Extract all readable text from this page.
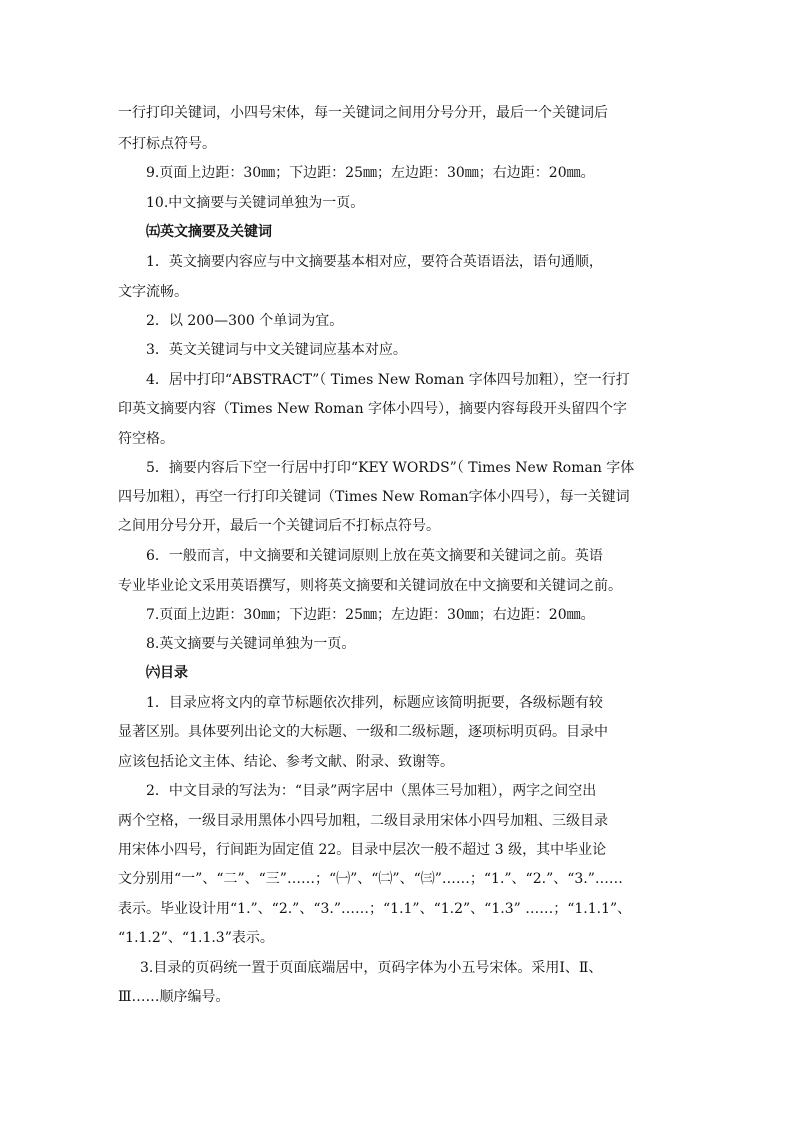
一行打印关键词，小四号宋体，每一关键词之间用分号分开，最后一个关键词后
不打标点符号。
9.页面上边距：30㎜；下边距：25㎜；左边距：30㎜；右边距：20㎜。
10.中文摘要与关键词单独为一页。
㈤英文摘要及关键词
1．英文摘要内容应与中文摘要基本相对应，要符合英语语法，语句通顺，
文字流畅。
2．以 200—300 个单词为宜。
3．英文关键词与中文关键词应基本对应。
4．居中打印“ABSTRACT”（ Times New Roman 字体四号加粗），空一行打
印英文摘要内容（Times New Roman 字体小四号），摘要内容每段开头留四个字
符空格。
5．摘要内容后下空一行居中打印“KEY WORDS”（ Times New Roman 字体
四号加粗），再空一行打印关键词（Times New Roman字体小四号），每一关键词
之间用分号分开，最后一个关键词后不打标点符号。
6．一般而言，中文摘要和关键词原则上放在英文摘要和关键词之前。英语
专业毕业论文采用英语撰写，则将英文摘要和关键词放在中文摘要和关键词之前。
7.页面上边距：30㎜；下边距：25㎜；左边距：30㎜；右边距：20㎜。
8.英文摘要与关键词单独为一页。
㈥目录
1．目录应将文内的章节标题依次排列，标题应该简明扼要，各级标题有较
显著区别。具体要列出论文的大标题、一级和二级标题，逐项标明页码。目录中
应该包括论文主体、结论、参考文献、附录、致谢等。
2．中文目录的写法为：“目录”两字居中（黑体三号加粗），两字之间空出
两个空格，一级目录用黑体小四号加粗，二级目录用宋体小四号加粗、三级目录
用宋体小四号，行间距为固定值 22。目录中层次一般不超过 3 级，其中毕业论
文分别用“一”、“二”、“三”……；“㈠”、“㈡”、“㈢”……；“1.”、“2.”、“3.”……
表示。毕业设计用“1.”、“2.”、“3.”……；“1.1”、“1.2”、“1.3” ……；“1.1.1”、
“1.1.2”、“1.1.3”表示。
3.目录的页码统一置于页面底端居中，页码字体为小五号宋体。采用Ⅰ、Ⅱ、
Ⅲ……顺序编号。
